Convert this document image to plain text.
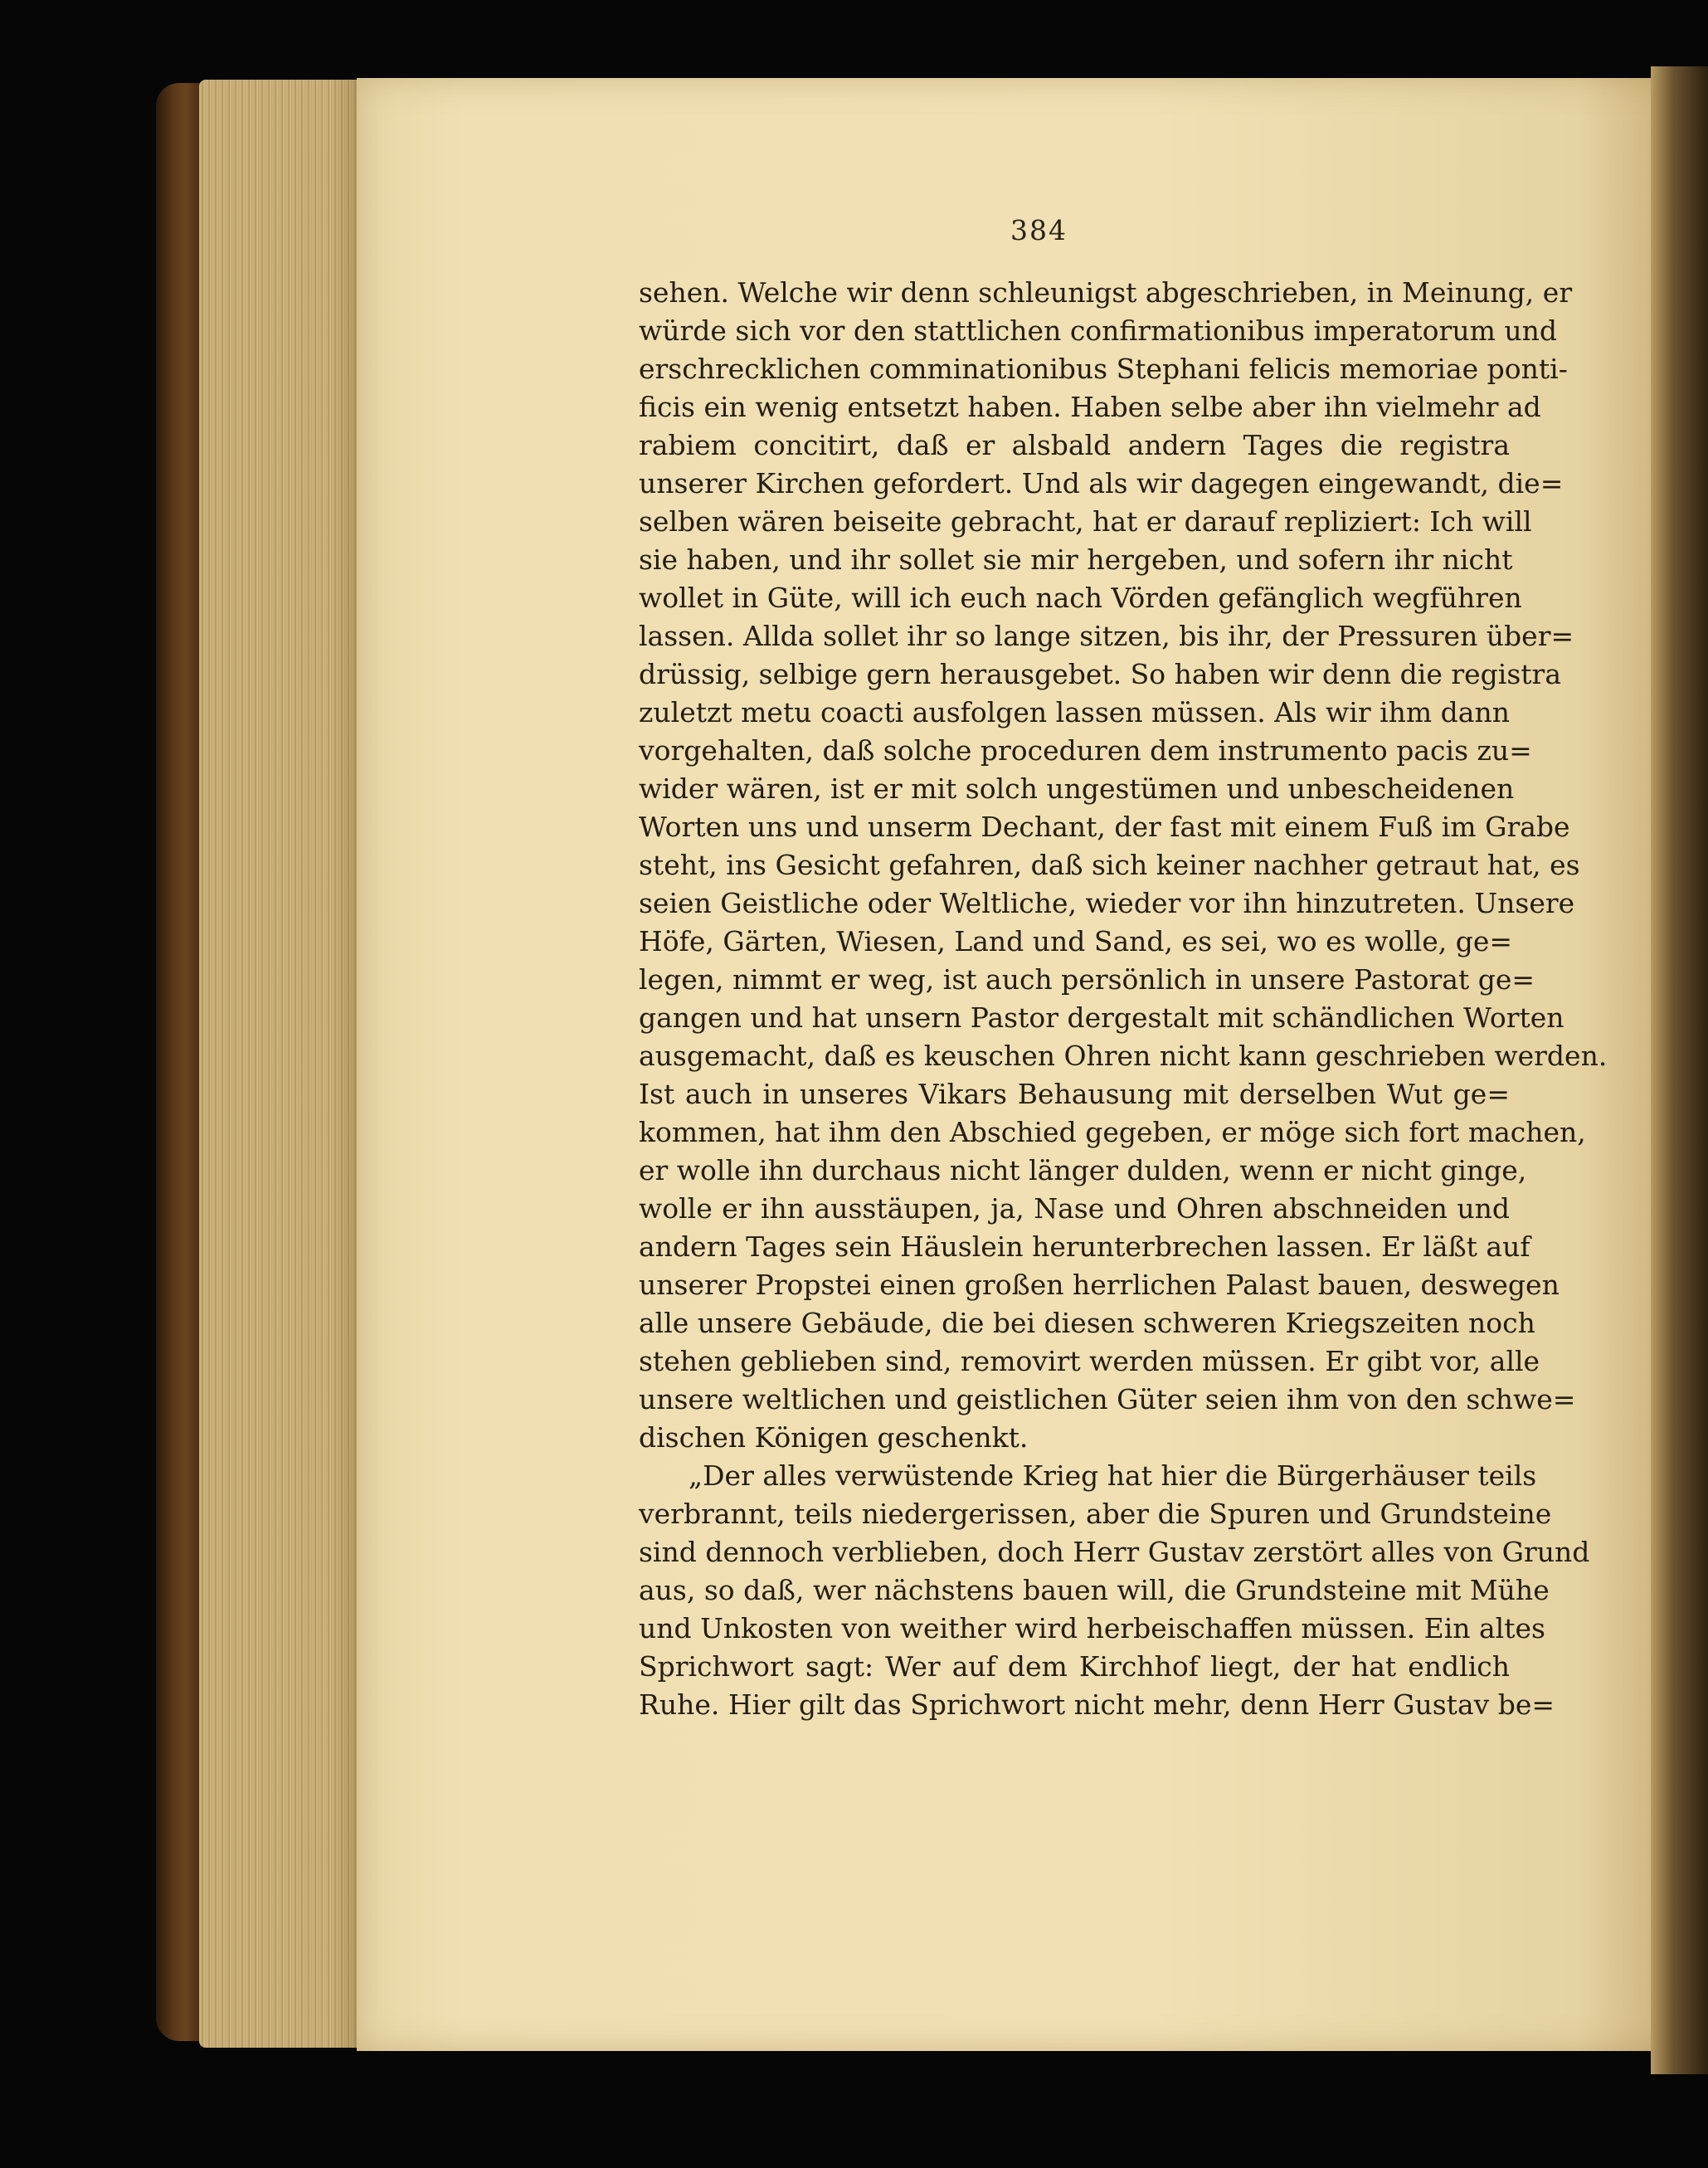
384
sehen. Welche wir denn schleunigst abgeschrieben, in Meinung, er
würde sich vor den stattlichen confirmationibus imperatorum und
erschrecklichen comminationibus Stephani felicis memoriae ponti-
ficis ein wenig entsetzt haben. Haben selbe aber ihn vielmehr ad
rabiem concitirt, daß er alsbald andern Tages die registra
unserer Kirchen gefordert. Und als wir dagegen eingewandt, die=
selben wären beiseite gebracht, hat er darauf repliziert: Ich will
sie haben, und ihr sollet sie mir hergeben, und sofern ihr nicht
wollet in Güte, will ich euch nach Vörden gefänglich wegführen
lassen. Allda sollet ihr so lange sitzen, bis ihr, der Pressuren über=
drüssig, selbige gern herausgebet. So haben wir denn die registra
zuletzt metu coacti ausfolgen lassen müssen. Als wir ihm dann
vorgehalten, daß solche proceduren dem instrumento pacis zu=
wider wären, ist er mit solch ungestümen und unbescheidenen
Worten uns und unserm Dechant, der fast mit einem Fuß im Grabe
steht, ins Gesicht gefahren, daß sich keiner nachher getraut hat, es
seien Geistliche oder Weltliche, wieder vor ihn hinzutreten. Unsere
Höfe, Gärten, Wiesen, Land und Sand, es sei, wo es wolle, ge=
legen, nimmt er weg, ist auch persönlich in unsere Pastorat ge=
gangen und hat unsern Pastor dergestalt mit schändlichen Worten
ausgemacht, daß es keuschen Ohren nicht kann geschrieben werden.
Ist auch in unseres Vikars Behausung mit derselben Wut ge=
kommen, hat ihm den Abschied gegeben, er möge sich fort machen,
er wolle ihn durchaus nicht länger dulden, wenn er nicht ginge,
wolle er ihn ausstäupen, ja, Nase und Ohren abschneiden und
andern Tages sein Häuslein herunterbrechen lassen. Er läßt auf
unserer Propstei einen großen herrlichen Palast bauen, deswegen
alle unsere Gebäude, die bei diesen schweren Kriegszeiten noch
stehen geblieben sind, removirt werden müssen. Er gibt vor, alle
unsere weltlichen und geistlichen Güter seien ihm von den schwe=
dischen Königen geschenkt.
„Der alles verwüstende Krieg hat hier die Bürgerhäuser teils
verbrannt, teils niedergerissen, aber die Spuren und Grundsteine
sind dennoch verblieben, doch Herr Gustav zerstört alles von Grund
aus, so daß, wer nächstens bauen will, die Grundsteine mit Mühe
und Unkosten von weither wird herbeischaffen müssen. Ein altes
Sprichwort sagt: Wer auf dem Kirchhof liegt, der hat endlich
Ruhe. Hier gilt das Sprichwort nicht mehr, denn Herr Gustav be=
